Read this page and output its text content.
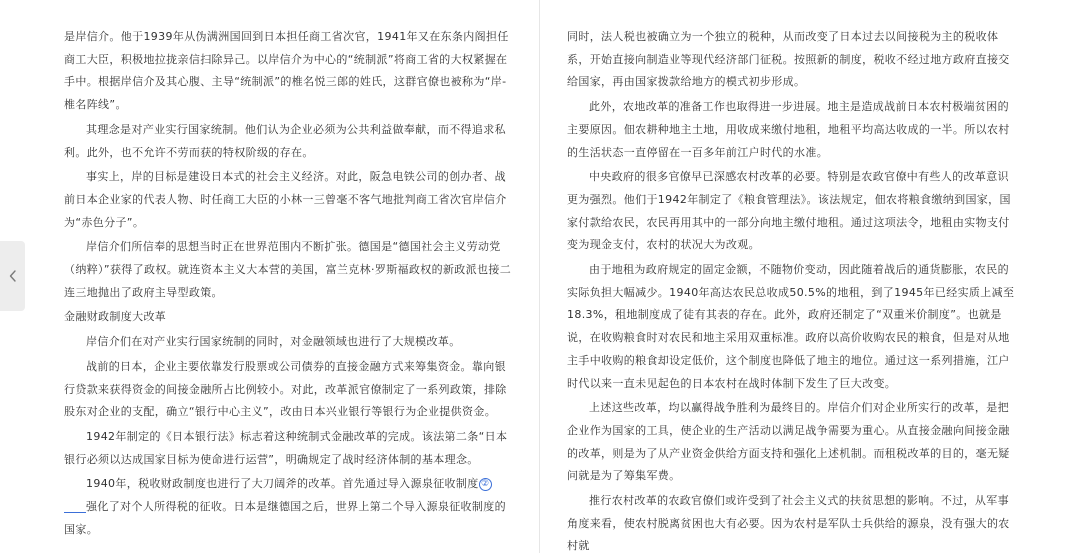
是岸信介。他于1939年从伪满洲国回到日本担任商工省次官，1941年又在东条内阁担任商工大臣，积极地拉拢亲信扫除异己。以岸信介为中心的“统制派”将商工省的大权紧握在手中。根据岸信介及其心腹、主导“统制派”的椎名悦三郎的姓氏，这群官僚也被称为“岸-椎名阵线”。

其理念是对产业实行国家统制。他们认为企业必须为公共利益做奉献，而不得追求私利。此外，也不允许不劳而获的特权阶级的存在。

事实上，岸的目标是建设日本式的社会主义经济。对此，阪急电铁公司的创办者、战前日本企业家的代表人物、时任商工大臣的小林一三曾毫不客气地批判商工省次官岸信介为“赤色分子”。

岸信介们所信奉的思想当时正在世界范围内不断扩张。德国是“德国社会主义劳动党（纳粹）”获得了政权。就连资本主义大本营的美国，富兰克林·罗斯福政权的新政派也接二连三地抛出了政府主导型政策。

金融财政制度大改革

岸信介们在对产业实行国家统制的同时，对金融领域也进行了大规模改革。

战前的日本，企业主要依靠发行股票或公司债券的直接金融方式来筹集资金。靠向银行贷款来获得资金的间接金融所占比例较小。对此，改革派官僚制定了一系列政策，排除股东对企业的支配，确立“银行中心主义”，改由日本兴业银行等银行为企业提供资金。

1942年制定的《日本银行法》标志着这种统制式金融改革的完成。该法第二条“日本银行必须以达成国家目标为使命进行运营”，明确规定了战时经济体制的基本理念。

1940年，税收财政制度也进行了大刀阔斧的改革。首先通过导入源泉征收制度 ②强化了对个人所得税的征收。日本是继德国之后，世界上第二个导入源泉征收制度的国家。

同时，法人税也被确立为一个独立的税种，从而改变了日本过去以间接税为主的税收体系，开始直接向制造业等现代经济部门征税。按照新的制度，税收不经过地方政府直接交给国家，再由国家拨款给地方的模式初步形成。

此外，农地改革的准备工作也取得进一步进展。地主是造成战前日本农村极端贫困的主要原因。佃农耕种地主土地，用收成来缴付地租，地租平均高达收成的一半。所以农村的生活状态一直停留在一百多年前江户时代的水准。

中央政府的很多官僚早已深感农村改革的必要。特别是农政官僚中有些人的改革意识更为强烈。他们于1942年制定了《粮食管理法》。该法规定，佃农将粮食缴纳到国家，国家付款给农民，农民再用其中的一部分向地主缴付地租。通过这项法令，地租由实物支付变为现金支付，农村的状况大为改观。

由于地租为政府规定的固定金额，不随物价变动，因此随着战后的通货膨胀，农民的实际负担大幅减少。1940年高达农民总收成50.5%的地租，到了1945年已经实质上减至18.3%，租地制度成了徒有其表的存在。此外，政府还制定了“双重米价制度”。也就是说，在收购粮食时对农民和地主采用双重标准。政府以高价收购农民的粮食，但是对从地主手中收购的粮食却设定低价，这个制度也降低了地主的地位。通过这一系列措施，江户时代以来一直未见起色的日本农村在战时体制下发生了巨大改变。

上述这些改革，均以赢得战争胜利为最终目的。岸信介们对企业所实行的改革，是把企业作为国家的工具，使企业的生产活动以满足战争需要为重心。从直接金融向间接金融的改革，则是为了从产业资金供给方面支持和强化上述机制。而租税改革的目的，毫无疑问就是为了筹集军费。

推行农村改革的农政官僚们或许受到了社会主义式的扶贫思想的影响。不过，从军事角度来看，使农村脱离贫困也大有必要。因为农村是军队士兵供给的源泉，没有强大的农村就
